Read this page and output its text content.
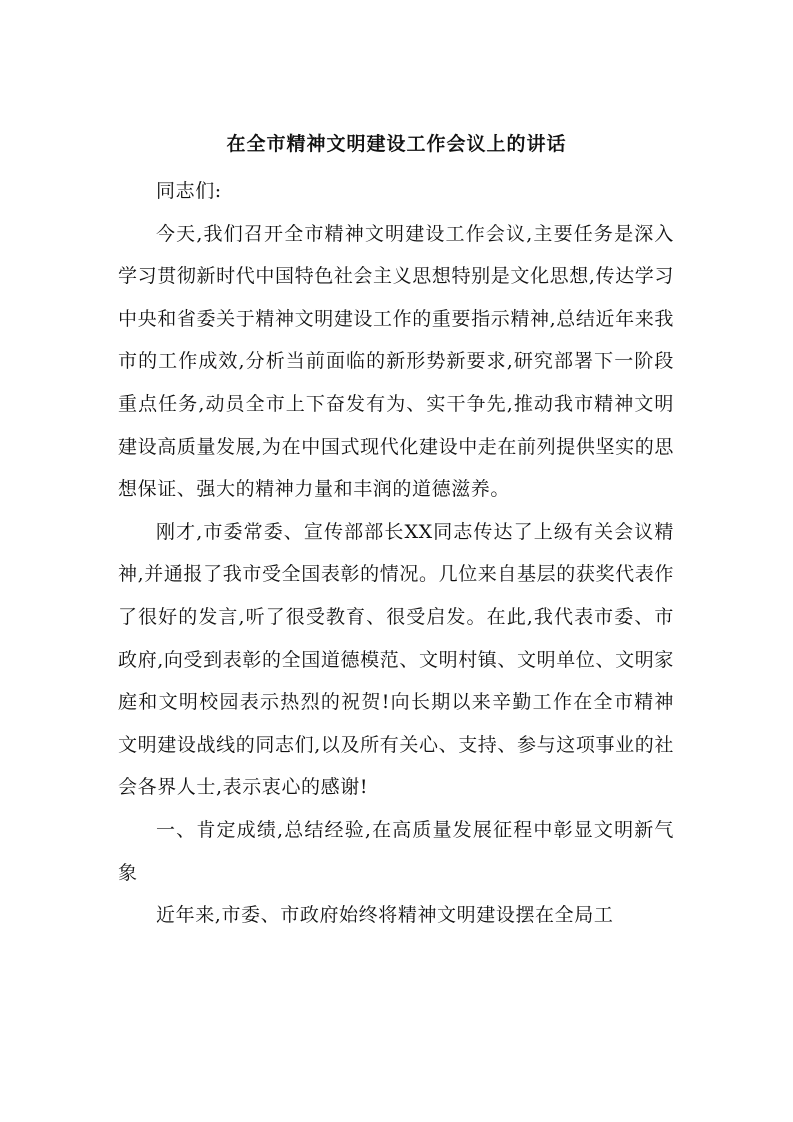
在全市精神文明建设工作会议上的讲话

同志们:

今天,我们召开全市精神文明建设工作会议,主要任务是深入学习贯彻新时代中国特色社会主义思想特别是文化思想,传达学习中央和省委关于精神文明建设工作的重要指示精神,总结近年来我市的工作成效,分析当前面临的新形势新要求,研究部署下一阶段重点任务,动员全市上下奋发有为、实干争先,推动我市精神文明建设高质量发展,为在中国式现代化建设中走在前列提供坚实的思想保证、强大的精神力量和丰润的道德滋养。

刚才,市委常委、宣传部部长XX同志传达了上级有关会议精神,并通报了我市受全国表彰的情况。几位来自基层的获奖代表作了很好的发言,听了很受教育、很受启发。在此,我代表市委、市政府,向受到表彰的全国道德模范、文明村镇、文明单位、文明家庭和文明校园表示热烈的祝贺!向长期以来辛勤工作在全市精神文明建设战线的同志们,以及所有关心、支持、参与这项事业的社会各界人士,表示衷心的感谢!

一、肯定成绩,总结经验,在高质量发展征程中彰显文明新气象

近年来,市委、市政府始终将精神文明建设摆在全局工
